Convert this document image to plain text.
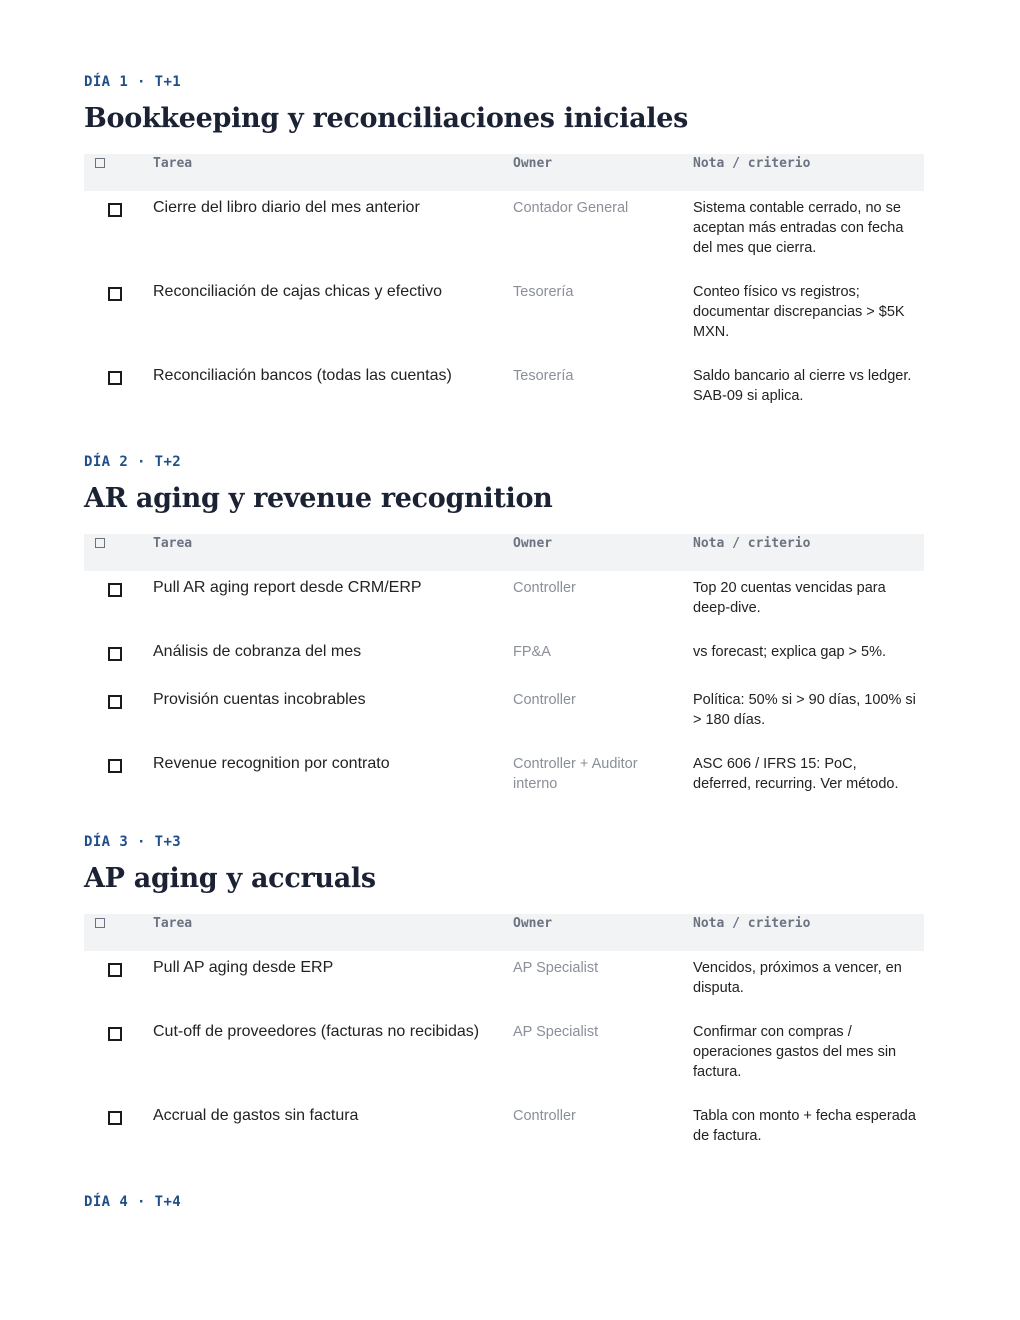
DÍA 1 · T+1
Bookkeeping y reconciliaciones iniciales

	Tarea	Owner	Nota / criterio

	Cierre del libro diario del mes anterior	Contador General	Sistema contable cerrado, no se aceptan más entradas con fecha del mes que cierra.

	Reconciliación de cajas chicas y efectivo	Tesorería	Conteo físico vs registros; documentar discrepancias > $5K MXN.

	Reconciliación bancos (todas las cuentas)	Tesorería	Saldo bancario al cierre vs ledger. SAB-09 si aplica.
DÍA 2 · T+2
AR aging y revenue recognition

	Tarea	Owner	Nota / criterio

	Pull AR aging report desde CRM/ERP	Controller	Top 20 cuentas vencidas para deep-dive.

	Análisis de cobranza del mes	FP&A	vs forecast; explica gap > 5%.

	Provisión cuentas incobrables	Controller	Política: 50% si > 90 días, 100% si > 180 días.

	Revenue recognition por contrato	Controller + Auditor interno	ASC 606 / IFRS 15: PoC, deferred, recurring. Ver método.
DÍA 3 · T+3
AP aging y accruals

	Tarea	Owner	Nota / criterio

	Pull AP aging desde ERP	AP Specialist	Vencidos, próximos a vencer, en disputa.

	Cut-off de proveedores (facturas no recibidas)	AP Specialist	Confirmar con compras / operaciones gastos del mes sin factura.

	Accrual de gastos sin factura	Controller	Tabla con monto + fecha esperada de factura.
DÍA 4 · T+4
